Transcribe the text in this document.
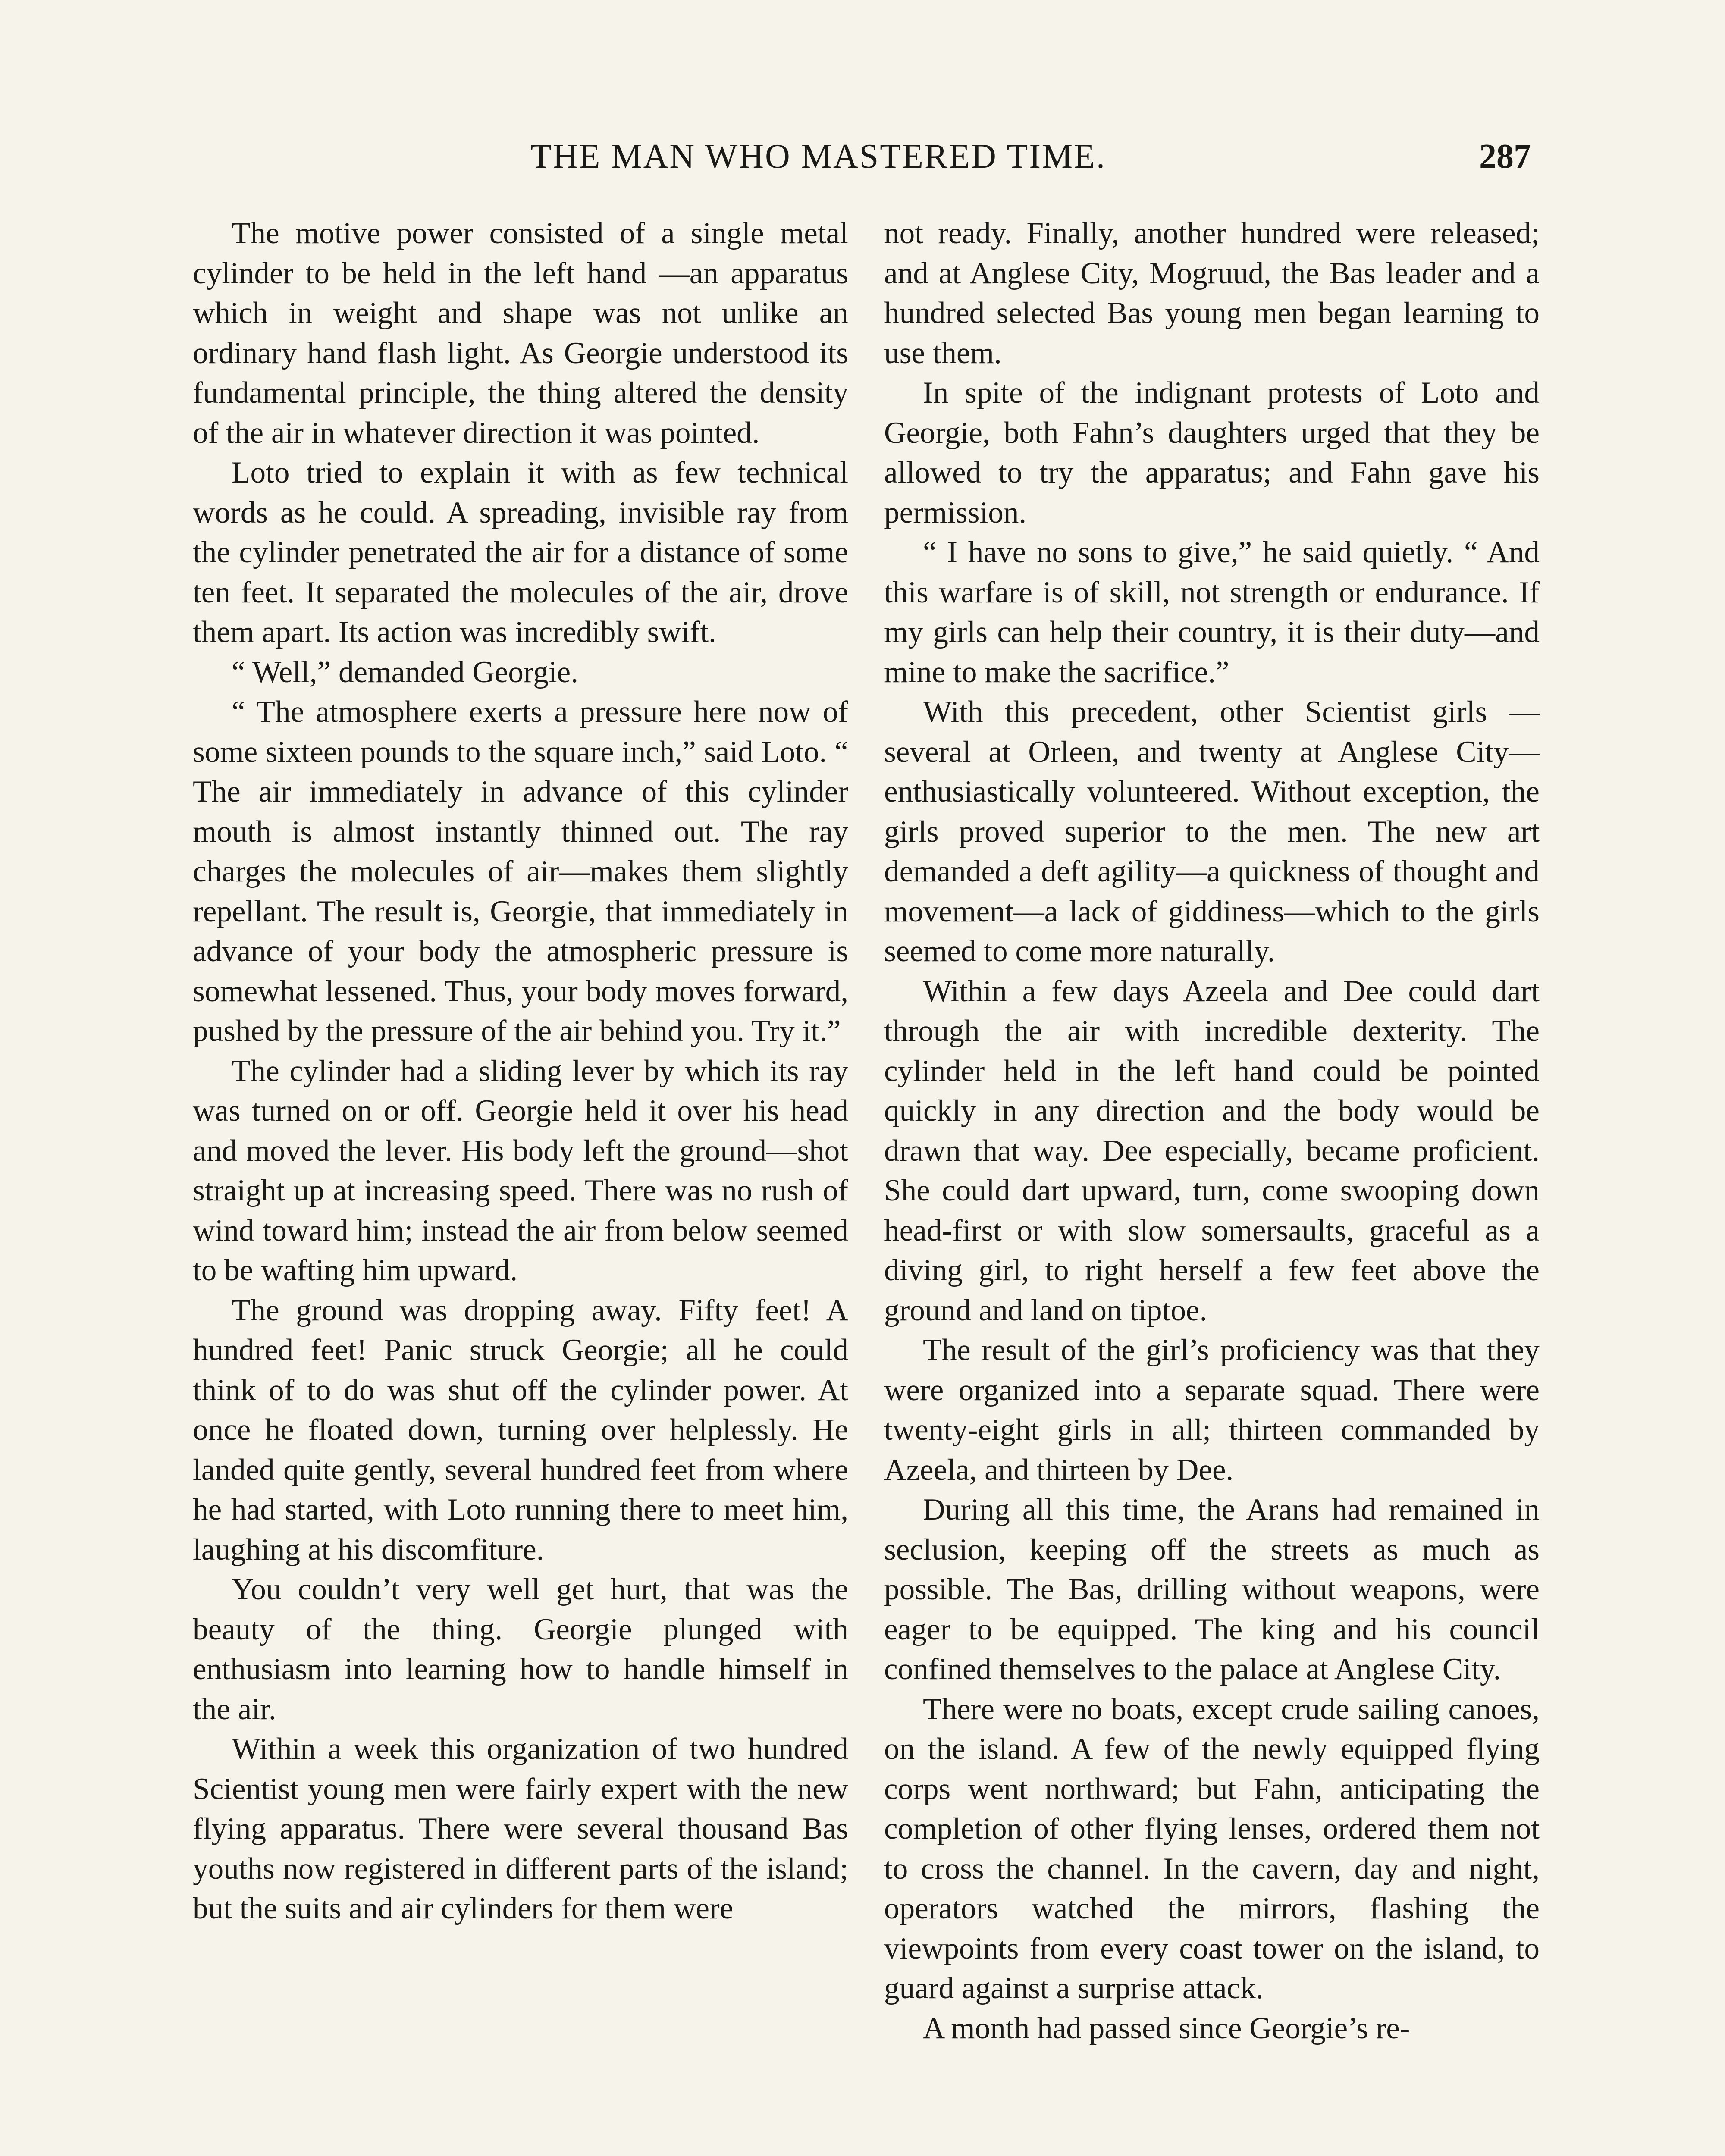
THE MAN WHO MASTERED TIME.	287

The motive power consisted of a single metal cylinder to be held in the left hand —an apparatus which in weight and shape was not unlike an ordinary hand flash light. As Georgie understood its fundamental principle, the thing altered the density of the air in whatever direction it was pointed.

Loto tried to explain it with as few technical words as he could. A spreading, invisible ray from the cylinder penetrated the air for a distance of some ten feet. It separated the molecules of the air, drove them apart. Its action was incredibly swift.

“ Well,” demanded Georgie.

“ The atmosphere exerts a pressure here now of some sixteen pounds to the square inch,” said Loto. “ The air immediately in advance of this cylinder mouth is almost instantly thinned out. The ray charges the molecules of air—makes them slightly repellant. The result is, Georgie, that immediately in advance of your body the atmospheric pressure is somewhat lessened. Thus, your body moves forward, pushed by the pressure of the air behind you. Try it.”

The cylinder had a sliding lever by which its ray was turned on or off. Georgie held it over his head and moved the lever. His body left the ground—shot straight up at increasing speed. There was no rush of wind toward him; instead the air from below seemed to be wafting him upward.

The ground was dropping away. Fifty feet! A hundred feet! Panic struck Georgie; all he could think of to do was shut off the cylinder power. At once he floated down, turning over helplessly. He landed quite gently, several hundred feet from where he had started, with Loto running there to meet him, laughing at his discomfiture.

You couldn’t very well get hurt, that was the beauty of the thing. Georgie plunged with enthusiasm into learning how to handle himself in the air.

Within a week this organization of two hundred Scientist young men were fairly expert with the new flying apparatus. There were several thousand Bas youths now registered in different parts of the island; but the suits and air cylinders for them were

not ready. Finally, another hundred were released; and at Anglese City, Mogruud, the Bas leader and a hundred selected Bas young men began learning to use them.

In spite of the indignant protests of Loto and Georgie, both Fahn’s daughters urged that they be allowed to try the apparatus; and Fahn gave his permission.

“ I have no sons to give,” he said quietly. “ And this warfare is of skill, not strength or endurance. If my girls can help their country, it is their duty—and mine to make the sacrifice.”

With this precedent, other Scientist girls —several at Orleen, and twenty at Anglese City—enthusiastically volunteered. Without exception, the girls proved superior to the men. The new art demanded a deft agility—a quickness of thought and movement—a lack of giddiness—which to the girls seemed to come more naturally.

Within a few days Azeela and Dee could dart through the air with incredible dexterity. The cylinder held in the left hand could be pointed quickly in any direction and the body would be drawn that way. Dee especially, became proficient. She could dart upward, turn, come swooping down head-first or with slow somersaults, graceful as a diving girl, to right herself a few feet above the ground and land on tiptoe.

The result of the girl’s proficiency was that they were organized into a separate squad. There were twenty-eight girls in all; thirteen commanded by Azeela, and thirteen by Dee.

During all this time, the Arans had remained in seclusion, keeping off the streets as much as possible. The Bas, drilling without weapons, were eager to be equipped. The king and his council confined themselves to the palace at Anglese City.

There were no boats, except crude sailing canoes, on the island. A few of the newly equipped flying corps went northward; but Fahn, anticipating the completion of other flying lenses, ordered them not to cross the channel. In the cavern, day and night, operators watched the mirrors, flashing the viewpoints from every coast tower on the island, to guard against a surprise attack.

A month had passed since Georgie’s re-
